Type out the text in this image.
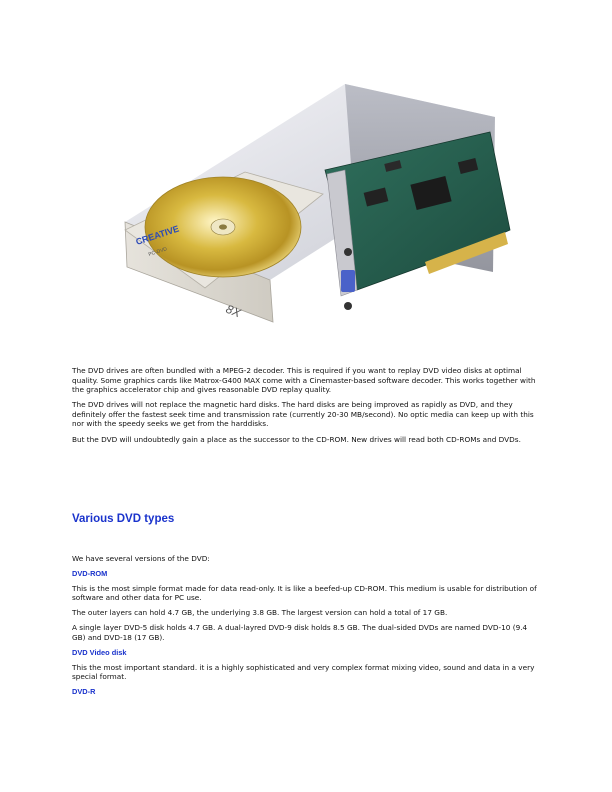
CREATIVE
PC-DVD
8X

The DVD drives are often bundled with a MPEG-2 decoder. This is required if you want to replay DVD video disks at optimal quality. Some graphics cards like Matrox-G400 MAX come with a Cinemaster-based software decoder. This works together with the graphics accelerator chip and gives reasonable DVD replay quality.

The DVD drives will not replace the magnetic hard disks. The hard disks are being improved as rapidly as DVD, and they definitely offer the fastest seek time and transmission rate (currently 20-30 MB/second). No optic media can keep up with this nor with the speedy seeks we get from the harddisks.

But the DVD will undoubtedly gain a place as the successor to the CD-ROM. New drives will read both CD-ROMs and DVDs.

Various DVD types

We have several versions of the DVD:

DVD-ROM

This is the most simple format made for data read-only. It is like a beefed-up CD-ROM. This medium is usable for distribution of software and other data for PC use.

The outer layers can hold 4.7 GB, the underlying 3.8 GB. The largest version can hold a total of 17 GB.

A single layer DVD-5 disk holds 4.7 GB. A dual-layred DVD-9 disk holds 8.5 GB. The dual-sided DVDs are named DVD-10 (9.4 GB) and DVD-18 (17 GB).

DVD Video disk

This the most important standard. it is a highly sophisticated and very complex format mixing video, sound and data in a very special format.

DVD-R
